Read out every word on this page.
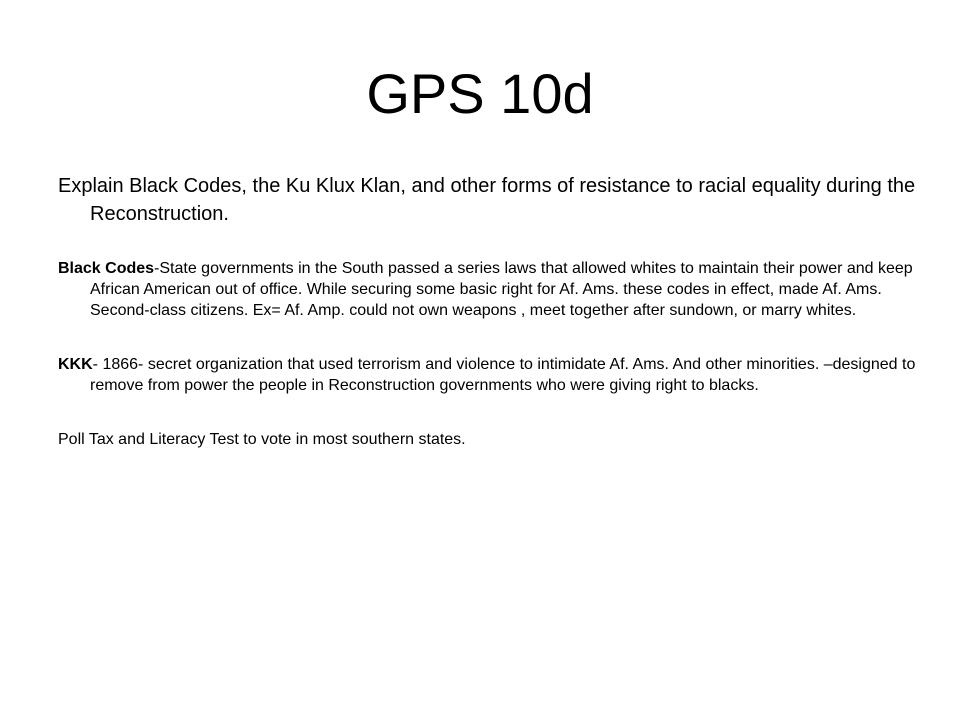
GPS 10d

Explain Black Codes, the Ku Klux Klan, and other forms of resistance to racial equality during the Reconstruction.

Black Codes-State governments in the South passed a series laws that allowed whites to maintain their power and keep African American out of office. While securing some basic right for Af. Ams. these codes in effect, made Af. Ams. Second-class citizens. Ex= Af. Amp. could not own weapons , meet together after sundown, or marry whites.

KKK- 1866- secret organization that used terrorism and violence to intimidate Af. Ams. And other minorities. –designed to remove from power the people in Reconstruction governments who were giving right to blacks.

Poll Tax and Literacy Test to vote in most southern states.
